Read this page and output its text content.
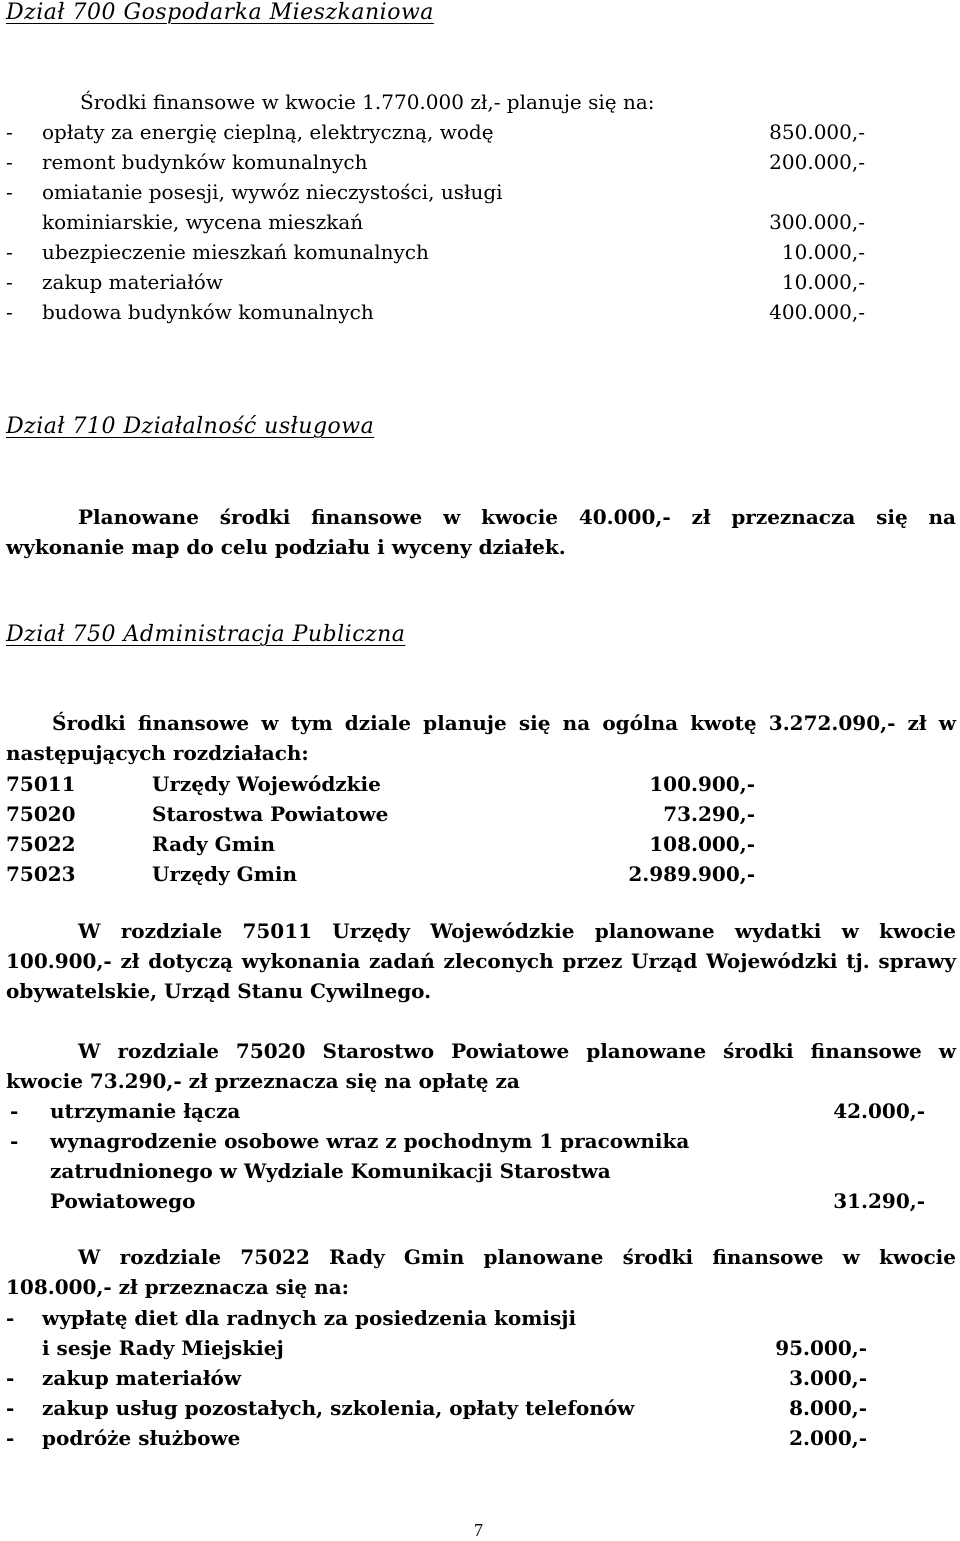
Dział 700 Gospodarka Mieszkaniowa
Środki finansowe w kwocie 1.770.000 zł,- planuje się na:
- opłaty za energię cieplną, elektryczną, wodę	850.000,-
- remont budynków komunalnych	200.000,-
- omiatanie posesji, wywóz nieczystości, usługi
kominiarskie, wycena mieszkań	300.000,-
- ubezpieczenie mieszkań komunalnych	10.000,-
- zakup materiałów	10.000,-
- budowa budynków komunalnych	400.000,-
Dział 710 Działalność usługowa
Planowane środki finansowe w kwocie 40.000,- zł przeznacza się na wykonanie map do celu podziału i wyceny działek.
Dział 750 Administracja Publiczna
Środki finansowe w tym dziale planuje się na ogólna kwotę 3.272.090,- zł w następujących rozdziałach:
75011	Urzędy Wojewódzkie	100.900,-
75020	Starostwa Powiatowe	73.290,-
75022	Rady Gmin	108.000,-
75023	Urzędy Gmin	2.989.900,-
W rozdziale 75011 Urzędy Wojewódzkie planowane wydatki w kwocie 100.900,- zł dotyczą wykonania zadań zleconych przez Urząd Wojewódzki tj. sprawy obywatelskie, Urząd Stanu Cywilnego.
W rozdziale 75020 Starostwo Powiatowe planowane środki finansowe w kwocie 73.290,- zł przeznacza się na opłatę za
- utrzymanie łącza	42.000,-
- wynagrodzenie osobowe wraz z pochodnym 1 pracownika
zatrudnionego w Wydziale Komunikacji Starostwa
Powiatowego	31.290,-
W rozdziale 75022 Rady Gmin planowane środki finansowe w kwocie 108.000,- zł przeznacza się na:
- wypłatę diet dla radnych za posiedzenia komisji
i sesje Rady Miejskiej	95.000,-
- zakup materiałów	3.000,-
- zakup usług pozostałych, szkolenia, opłaty telefonów	8.000,-
- podróże służbowe	2.000,-
7
